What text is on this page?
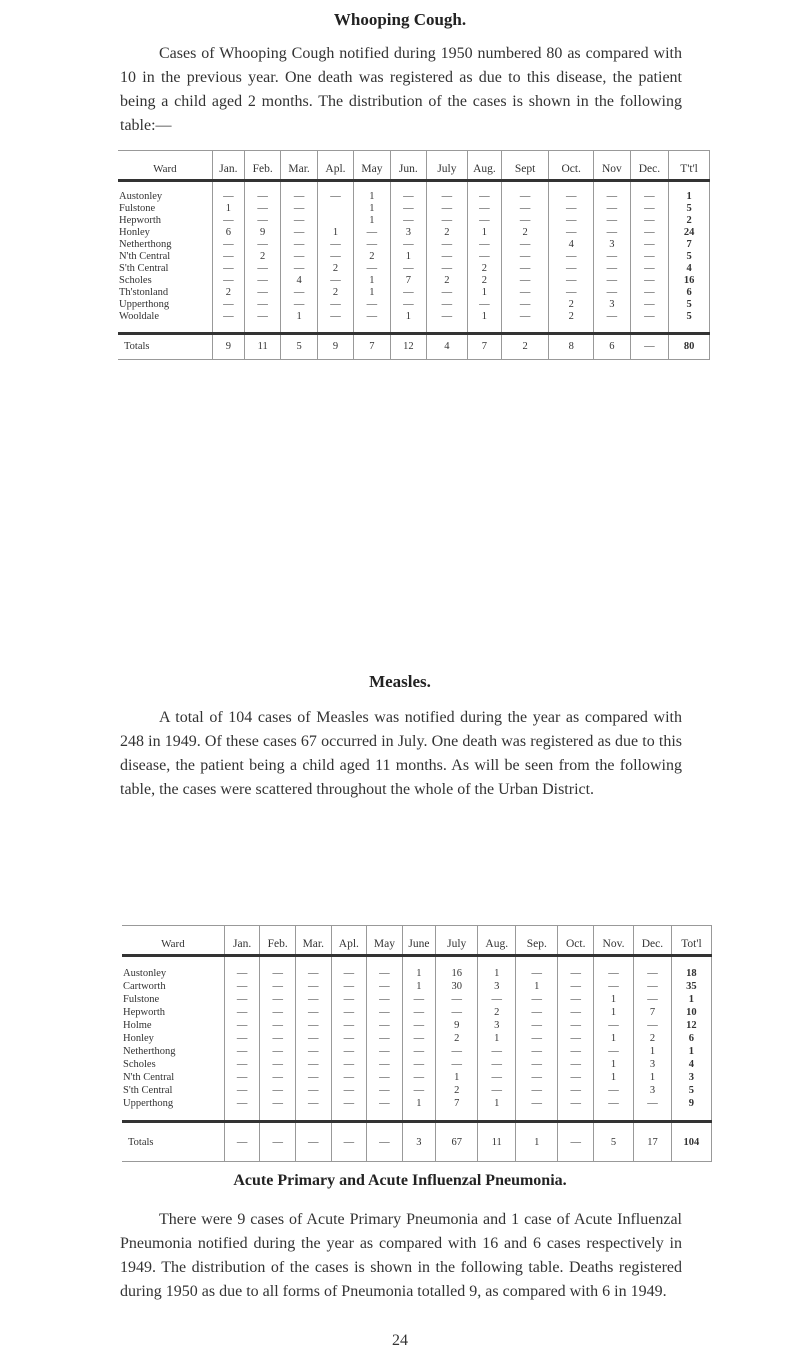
Whooping Cough.

Cases of Whooping Cough notified during 1950 numbered 80 as compared with 10 in the previous year. One death was registered as due to this disease, the patient being a child aged 2 months. The distribution of the cases is shown in the following table:—

Ward	Jan.	Feb.	Mar.	Apl.	May	Jun.	July	Aug.	Sept	Oct.	Nov	Dec.	T't'l

Austonley	—	—	—	—	1	—	—	—	—	—	—	—	1
Fulstone	1	—	—		1	—	—	—	—	—	—	—	5
Hepworth	—	—	—		1	—	—	—	—	—	—	—	2
Honley	6	9	—	1	—	3	2	1	2	—	—	—	24
Netherthong	—	—	—	—	—	—	—	—	—	4	3	—	7
N'th Central	—	2	—	—	2	1	—	—	—	—	—	—	5
S'th Central	—	—	—	2	—	—	—	2	—	—	—	—	4
Scholes	—	—	4	—	1	7	2	2	—	—	—	—	16
Th'stonland	2	—	—	2	1	—	—	1	—	—	—	—	6
Upperthong	—	—	—	—	—	—	—	—	—	2	3	—	5
Wooldale	—	—	1	—	—	1	—	1	—	2	—	—	5

Totals	9	11	5	9	7	12	4	7	2	8	6	—	80
Measles.

A total of 104 cases of Measles was notified during the year as compared with 248 in 1949. Of these cases 67 occurred in July. One death was registered as due to this disease, the patient being a child aged 11 months. As will be seen from the following table, the cases were scattered throughout the whole of the Urban District.

Ward	Jan.	Feb.	Mar.	Apl.	May	June	July	Aug.	Sep.	Oct.	Nov.	Dec.	Tot'l

Austonley	—	—	—	—	—	1	16	1	—	—	—	—	18
Cartworth	—	—	—	—	—	1	30	3	1	—	—	—	35
Fulstone	—	—	—	—	—	—	—	—	—	—	1	—	1
Hepworth	—	—	—	—	—	—	—	2	—	—	1	7	10
Holme	—	—	—	—	—	—	9	3	—	—	—	—	12
Honley	—	—	—	—	—	—	2	1	—	—	1	2	6
Netherthong	—	—	—	—	—	—	—	—	—	—	—	1	1
Scholes	—	—	—	—	—	—	—	—	—	—	1	3	4
N'th Central	—	—	—	—	—	—	1	—	—	—	1	1	3
S'th Central	—	—	—	—	—	—	2	—	—	—	—	3	5
Upperthong	—	—	—	—	—	1	7	1	—	—	—	—	9

Totals	—	—	—	—	—	3	67	11	1	—	5	17	104
Acute Primary and Acute Influenzal Pneumonia.

There were 9 cases of Acute Primary Pneumonia and 1 case of Acute Influenzal Pneumonia notified during the year as compared with 16 and 6 cases respectively in 1949. The distribution of the cases is shown in the following table. Deaths registered during 1950 as due to all forms of Pneumonia totalled 9, as compared with 6 in 1949.

24
